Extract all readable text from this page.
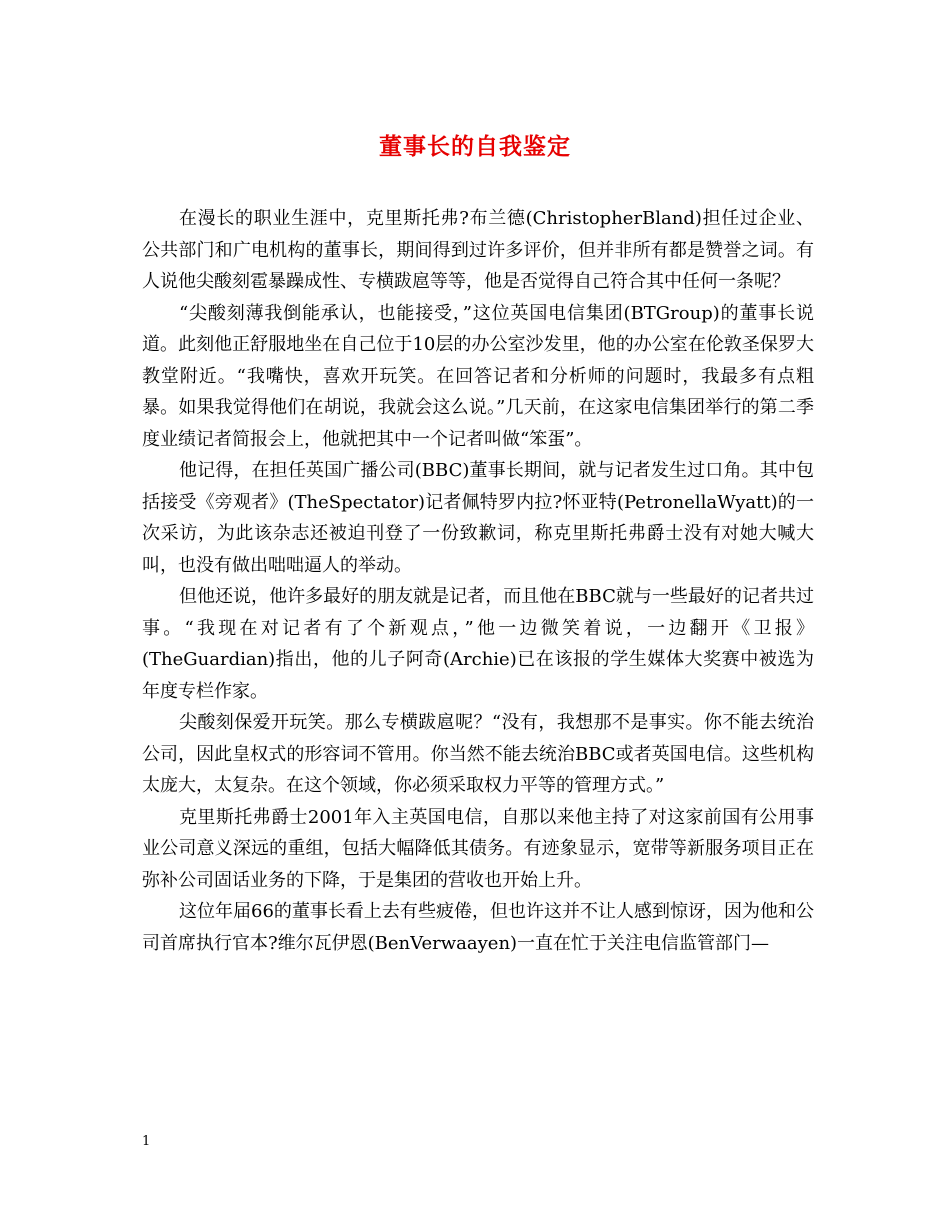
董事长的自我鉴定

在漫长的职业生涯中，克里斯托弗?布兰德(ChristopherBland)担任过企业、公共部门和广电机构的董事长，期间得到过许多评价，但并非所有都是赞誉之词。有人说他尖酸刻雹暴躁成性、专横跋扈等等，他是否觉得自己符合其中任何一条呢？

“尖酸刻薄我倒能承认，也能接受，”这位英国电信集团(BTGroup)的董事长说道。此刻他正舒服地坐在自己位于10层的办公室沙发里，他的办公室在伦敦圣保罗大教堂附近。“我嘴快，喜欢开玩笑。在回答记者和分析师的问题时，我最多有点粗暴。如果我觉得他们在胡说，我就会这么说。”几天前，在这家电信集团举行的第二季度业绩记者简报会上，他就把其中一个记者叫做“笨蛋”。

他记得，在担任英国广播公司(BBC)董事长期间，就与记者发生过口角。其中包括接受《旁观者》(TheSpectator)记者佩特罗内拉?怀亚特(PetronellaWyatt)的一次采访，为此该杂志还被迫刊登了一份致歉词，称克里斯托弗爵士没有对她大喊大叫，也没有做出咄咄逼人的举动。

但他还说，他许多最好的朋友就是记者，而且他在BBC就与一些最好的记者共过事。“我现在对记者有了个新观点，”他一边微笑着说，一边翻开《卫报》(TheGuardian)指出，他的儿子阿奇(Archie)已在该报的学生媒体大奖赛中被选为年度专栏作家。

尖酸刻保爱开玩笑。那么专横跋扈呢？“没有，我想那不是事实。你不能去统治公司，因此皇权式的形容词不管用。你当然不能去统治BBC或者英国电信。这些机构太庞大，太复杂。在这个领域，你必须采取权力平等的管理方式。”

克里斯托弗爵士2001年入主英国电信，自那以来他主持了对这家前国有公用事业公司意义深远的重组，包括大幅降低其债务。有迹象显示，宽带等新服务项目正在弥补公司固话业务的下降，于是集团的营收也开始上升。

这位年届66的董事长看上去有些疲倦，但也许这并不让人感到惊讶，因为他和公司首席执行官本?维尔瓦伊恩(BenVerwaayen)一直在忙于关注电信监管部门—

1
